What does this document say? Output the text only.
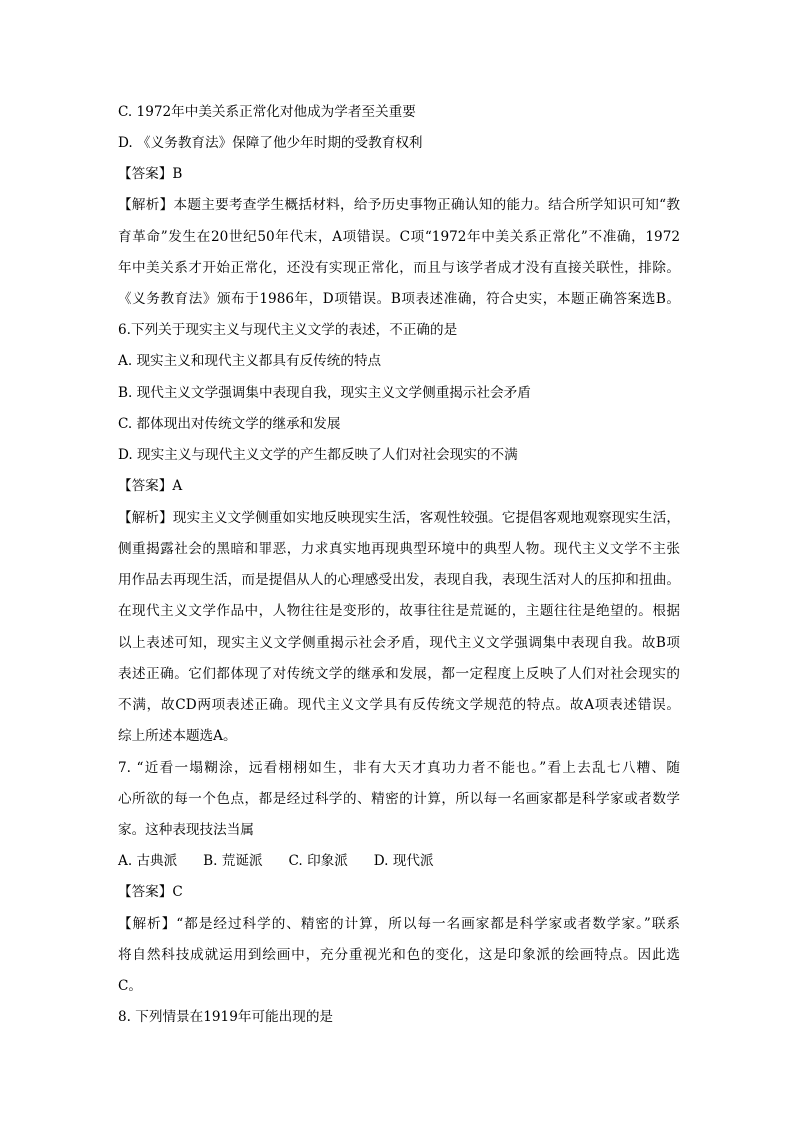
C. 1972年中美关系正常化对他成为学者至关重要
D. 《义务教育法》保障了他少年时期的受教育权利
【答案】B
【解析】本题主要考查学生概括材料，给予历史事物正确认知的能力。结合所学知识可知“教
育革命”发生在20世纪50年代末，A项错误。C项“1972年中美关系正常化”不准确，1972
年中美关系才开始正常化，还没有实现正常化，而且与该学者成才没有直接关联性，排除。
《义务教育法》颁布于1986年，D项错误。B项表述准确，符合史实，本题正确答案选B。
6.下列关于现实主义与现代主义文学的表述，不正确的是
A. 现实主义和现代主义都具有反传统的特点
B. 现代主义文学强调集中表现自我，现实主义文学侧重揭示社会矛盾
C. 都体现出对传统文学的继承和发展
D. 现实主义与现代主义文学的产生都反映了人们对社会现实的不满
【答案】A
【解析】现实主义文学侧重如实地反映现实生活，客观性较强。它提倡客观地观察现实生活，
侧重揭露社会的黑暗和罪恶，力求真实地再现典型环境中的典型人物。现代主义文学不主张
用作品去再现生活，而是提倡从人的心理感受出发，表现自我，表现生活对人的压抑和扭曲。
在现代主义文学作品中，人物往往是变形的，故事往往是荒诞的，主题往往是绝望的。根据
以上表述可知，现实主义文学侧重揭示社会矛盾，现代主义文学强调集中表现自我。故B项
表述正确。它们都体现了对传统文学的继承和发展，都一定程度上反映了人们对社会现实的
不满，故CD两项表述正确。现代主义文学具有反传统文学规范的特点。故A项表述错误。
综上所述本题选A。
7. “近看一塌糊涂，远看栩栩如生，非有大天才真功力者不能也。”看上去乱七八糟、随
心所欲的每一个色点，都是经过科学的、精密的计算，所以每一名画家都是科学家或者数学
家。这种表现技法当属
A. 古典派      B. 荒诞派      C. 印象派      D. 现代派
【答案】C
【解析】“都是经过科学的、精密的计算，所以每一名画家都是科学家或者数学家。”联系
将自然科技成就运用到绘画中，充分重视光和色的变化，这是印象派的绘画特点。因此选
C。
8. 下列情景在1919年可能出现的是
